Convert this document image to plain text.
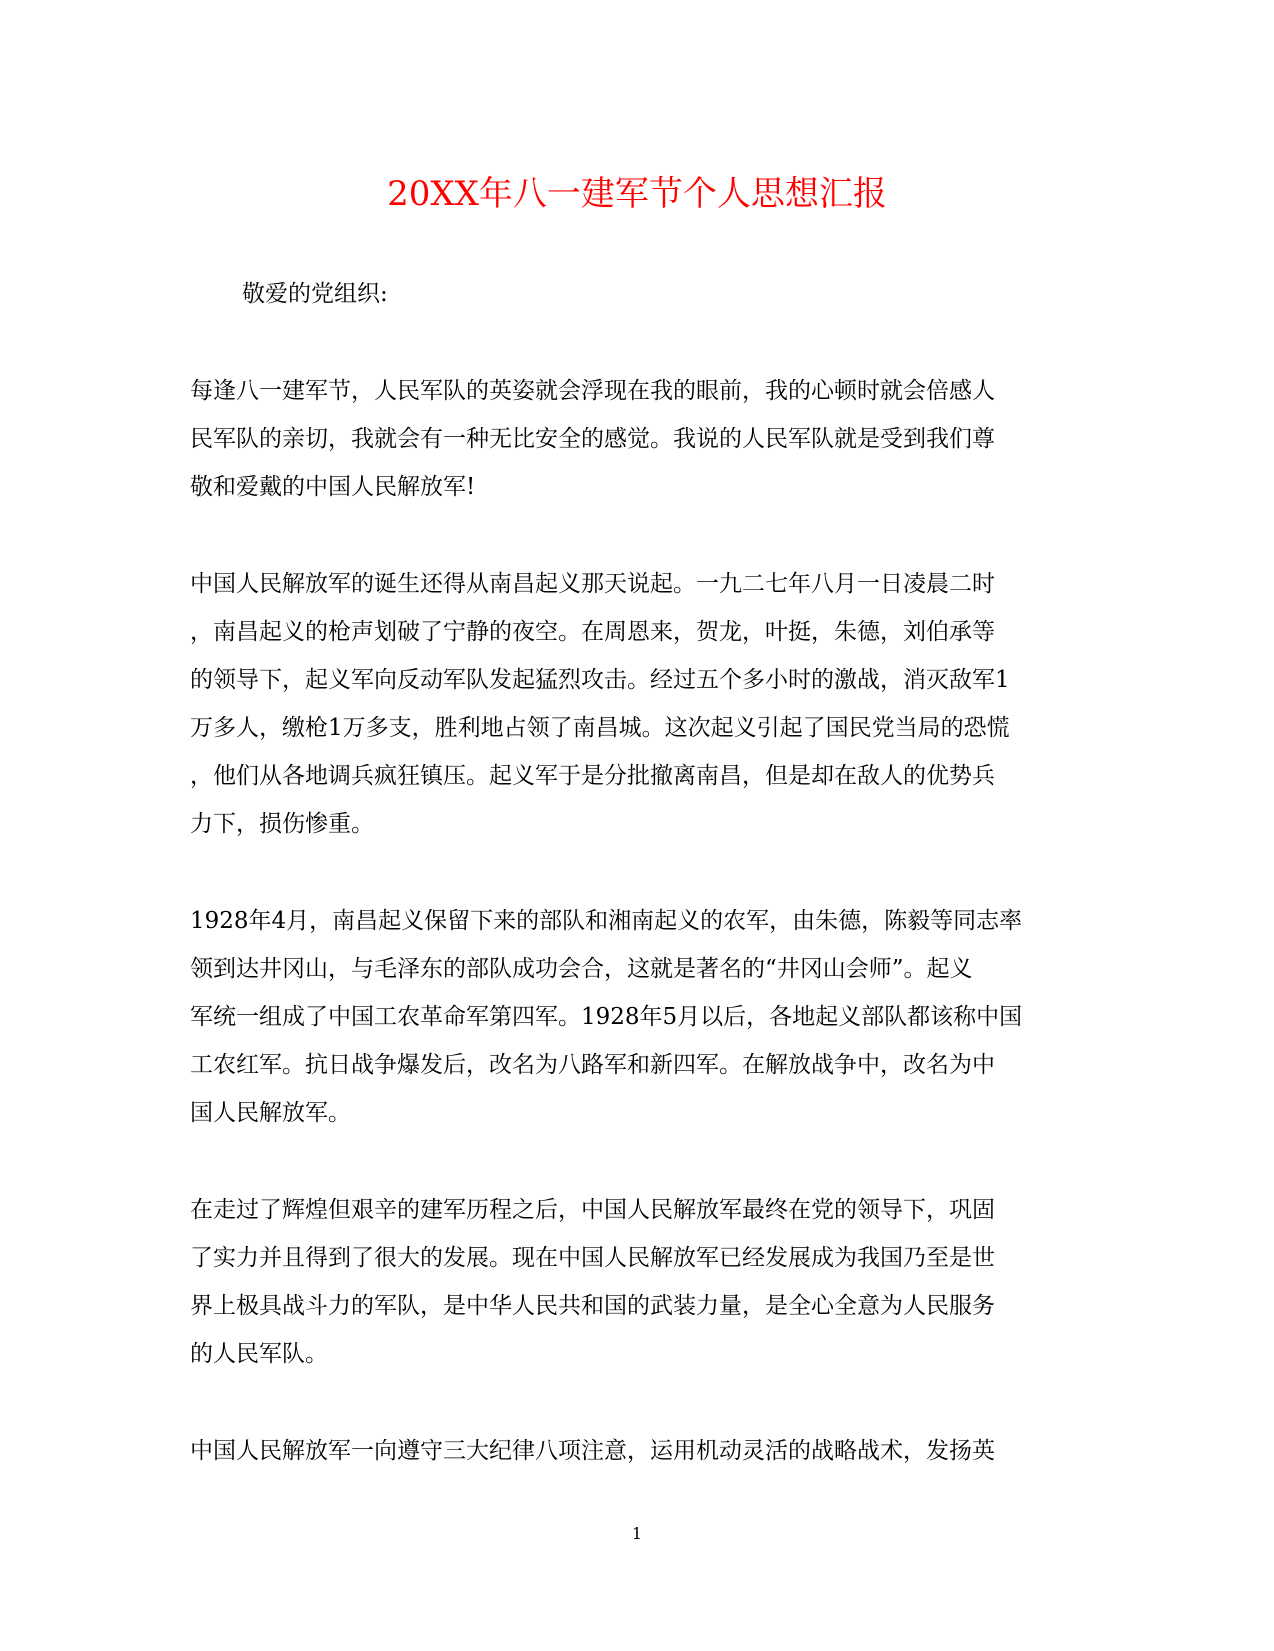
20XX年八一建军节个人思想汇报

敬爱的党组织:

每逢八一建军节，人民军队的英姿就会浮现在我的眼前，我的心顿时就会倍感人
民军队的亲切，我就会有一种无比安全的感觉。我说的人民军队就是受到我们尊
敬和爱戴的中国人民解放军!

中国人民解放军的诞生还得从南昌起义那天说起。一九二七年八月一日凌晨二时
，南昌起义的枪声划破了宁静的夜空。在周恩来，贺龙，叶挺，朱德，刘伯承等
的领导下，起义军向反动军队发起猛烈攻击。经过五个多小时的激战，消灭敌军1
万多人，缴枪1万多支，胜利地占领了南昌城。这次起义引起了国民党当局的恐慌
，他们从各地调兵疯狂镇压。起义军于是分批撤离南昌，但是却在敌人的优势兵
力下，损伤惨重。

1928年4月，南昌起义保留下来的部队和湘南起义的农军，由朱德，陈毅等同志率
领到达井冈山，与毛泽东的部队成功会合，这就是著名的“井冈山会师”。起义
军统一组成了中国工农革命军第四军。1928年5月以后，各地起义部队都该称中国
工农红军。抗日战争爆发后，改名为八路军和新四军。在解放战争中，改名为中
国人民解放军。

在走过了辉煌但艰辛的建军历程之后，中国人民解放军最终在党的领导下，巩固
了实力并且得到了很大的发展。现在中国人民解放军已经发展成为我国乃至是世
界上极具战斗力的军队，是中华人民共和国的武装力量，是全心全意为人民服务
的人民军队。

中国人民解放军一向遵守三大纪律八项注意，运用机动灵活的战略战术，发扬英

1
